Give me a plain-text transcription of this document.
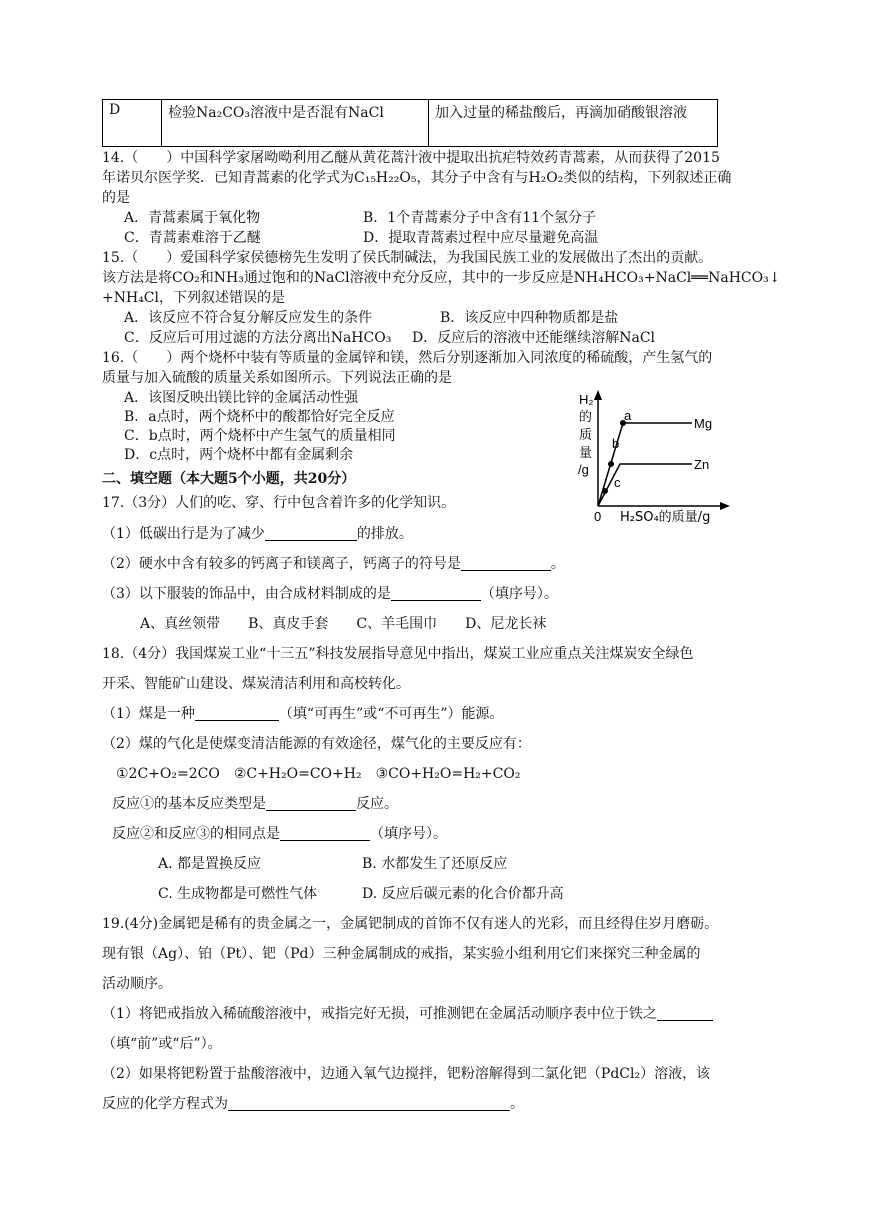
D	检验Na₂CO₃溶液中是否混有NaCl	加入过量的稀盐酸后，再滴加硝酸银溶液
14.（　　）中国科学家屠呦呦利用乙醚从黄花蒿汁液中提取出抗疟特效药青蒿素，从而获得了2015
年诺贝尔医学奖．已知青蒿素的化学式为C₁₅H₂₂O₅，其分子中含有与H₂O₂类似的结构，下列叙述正确
的是
A．青蒿素属于氧化物	B．1个青蒿素分子中含有11个氢分子
C．青蒿素难溶于乙醚	D．提取青蒿素过程中应尽量避免高温
15.（　　）爱国科学家侯德榜先生发明了侯氏制碱法，为我国民族工业的发展做出了杰出的贡献。
该方法是将CO₂和NH₃通过饱和的NaCl溶液中充分反应，其中的一步反应是NH₄HCO₃+NaCl══NaHCO₃↓
+NH₄Cl，下列叙述错误的是
A．该反应不符合复分解反应发生的条件	B．该反应中四种物质都是盐
C．反应后可用过滤的方法分离出NaHCO₃ D．反应后的溶液中还能继续溶解NaCl
16.（　　）两个烧杯中装有等质量的金属锌和镁，然后分别逐渐加入同浓度的稀硫酸，产生氢气的
质量与加入硫酸的质量关系如图所示。下列说法正确的是
A．该图反映出镁比锌的金属活动性强
B．a点时，两个烧杯中的酸都恰好完全反应
C．b点时，两个烧杯中产生氢气的质量相同
D．c点时，两个烧杯中都有金属剩余
H₂
的
质
量
/g
a
b
c
Mg
Zn
0 H₂SO₄的质量/g
二、填空题（本大题5个小题，共20分）
17.（3分）人们的吃、穿、行中包含着许多的化学知识。
（1）低碳出行是为了减少	的排放。
（2）硬水中含有较多的钙离子和镁离子，钙离子的符号是	。
（3）以下服装的饰品中，由合成材料制成的是	（填序号）。
A、真丝领带　　B、真皮手套　　C、羊毛围巾　　D、尼龙长袜
18.（4分）我国煤炭工业“十三五”科技发展指导意见中指出，煤炭工业应重点关注煤炭安全绿色
开采、智能矿山建设、煤炭清洁利用和高校转化。
（1）煤是一种	（填“可再生”或“不可再生”）能源。
（2）煤的气化是使煤变清洁能源的有效途径，煤气化的主要反应有：
①2C+O₂=2CO　②C+H₂O=CO+H₂　③CO+H₂O=H₂+CO₂
反应①的基本反应类型是	反应。
反应②和反应③的相同点是	（填序号）。
A. 都是置换反应	B. 水都发生了还原反应
C. 生成物都是可燃性气体	D. 反应后碳元素的化合价都升高
19.(4分)金属钯是稀有的贵金属之一，金属钯制成的首饰不仅有迷人的光彩，而且经得住岁月磨砺。
现有银（Ag）、铂（Pt）、钯（Pd）三种金属制成的戒指，某实验小组利用它们来探究三种金属的
活动顺序。
（1）将钯戒指放入稀硫酸溶液中，戒指完好无损，可推测钯在金属活动顺序表中位于铁之
（填“前”或“后”）。
（2）如果将钯粉置于盐酸溶液中，边通入氧气边搅拌，钯粉溶解得到二氯化钯（PdCl₂）溶液，该
反应的化学方程式为	。
